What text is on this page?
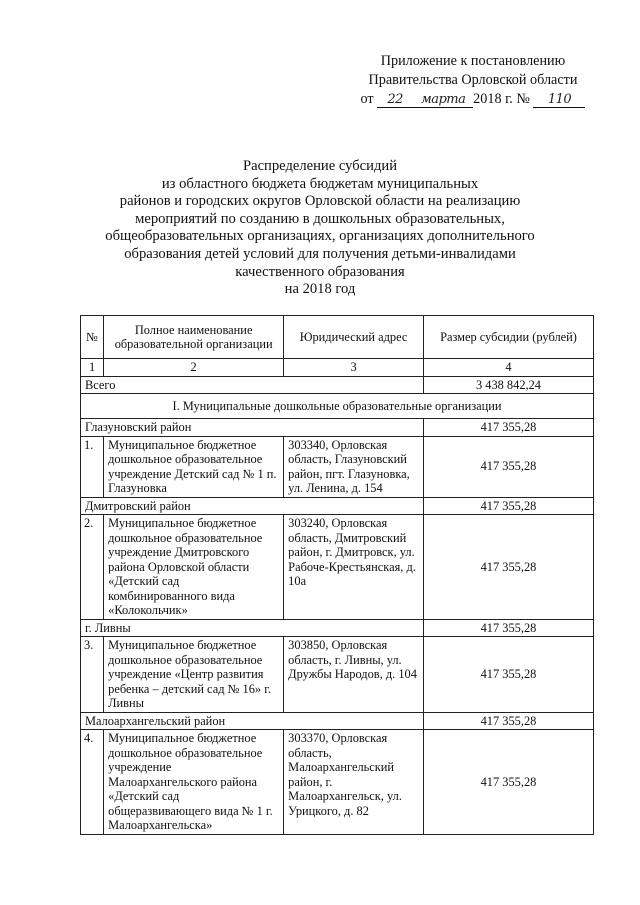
Приложение к постановлению
Правительства Орловской области
от 22 марта 2018 г. № 110
Распределение субсидий
из областного бюджета бюджетам муниципальных
районов и городских округов Орловской области на реализацию
мероприятий по созданию в дошкольных образовательных,
общеобразовательных организациях, организациях дополнительного
образования детей условий для получения детьми-инвалидами
качественного образования
на 2018 год
№	Полное наименование образовательной организации	Юридический адрес	Размер субсидии (рублей)
1	2	3	4
Всего			3 438 842,24
I. Муниципальные дошкольные образовательные организации			
Глазуновский район			417 355,28
1.	Муниципальное бюджетное дошкольное образовательное учреждение Детский сад № 1 п. Глазуновка	303340, Орловская область, Глазуновский район, пгт. Глазуновка, ул. Ленина, д. 154	417 355,28
Дмитровский район			417 355,28
2.	Муниципальное бюджетное дошкольное образовательное учреждение Дмитровского района Орловской области «Детский сад комбинированного вида «Колокольчик»	303240, Орловская область, Дмитровский район, г. Дмитровск, ул. Рабоче-Крестьянская, д. 10а	417 355,28
г. Ливны			417 355,28
3.	Муниципальное бюджетное дошкольное образовательное учреждение «Центр развития ребенка – детский сад № 16» г. Ливны	303850, Орловская область, г. Ливны, ул. Дружбы Народов, д. 104	417 355,28
Малоархангельский район			417 355,28
4.	Муниципальное бюджетное дошкольное образовательное учреждение Малоархангельского района «Детский сад общеразвивающего вида № 1 г. Малоархангельска»	303370, Орловская область, Малоархангельский район, г. Малоархангельск, ул. Урицкого, д. 82	417 355,28
